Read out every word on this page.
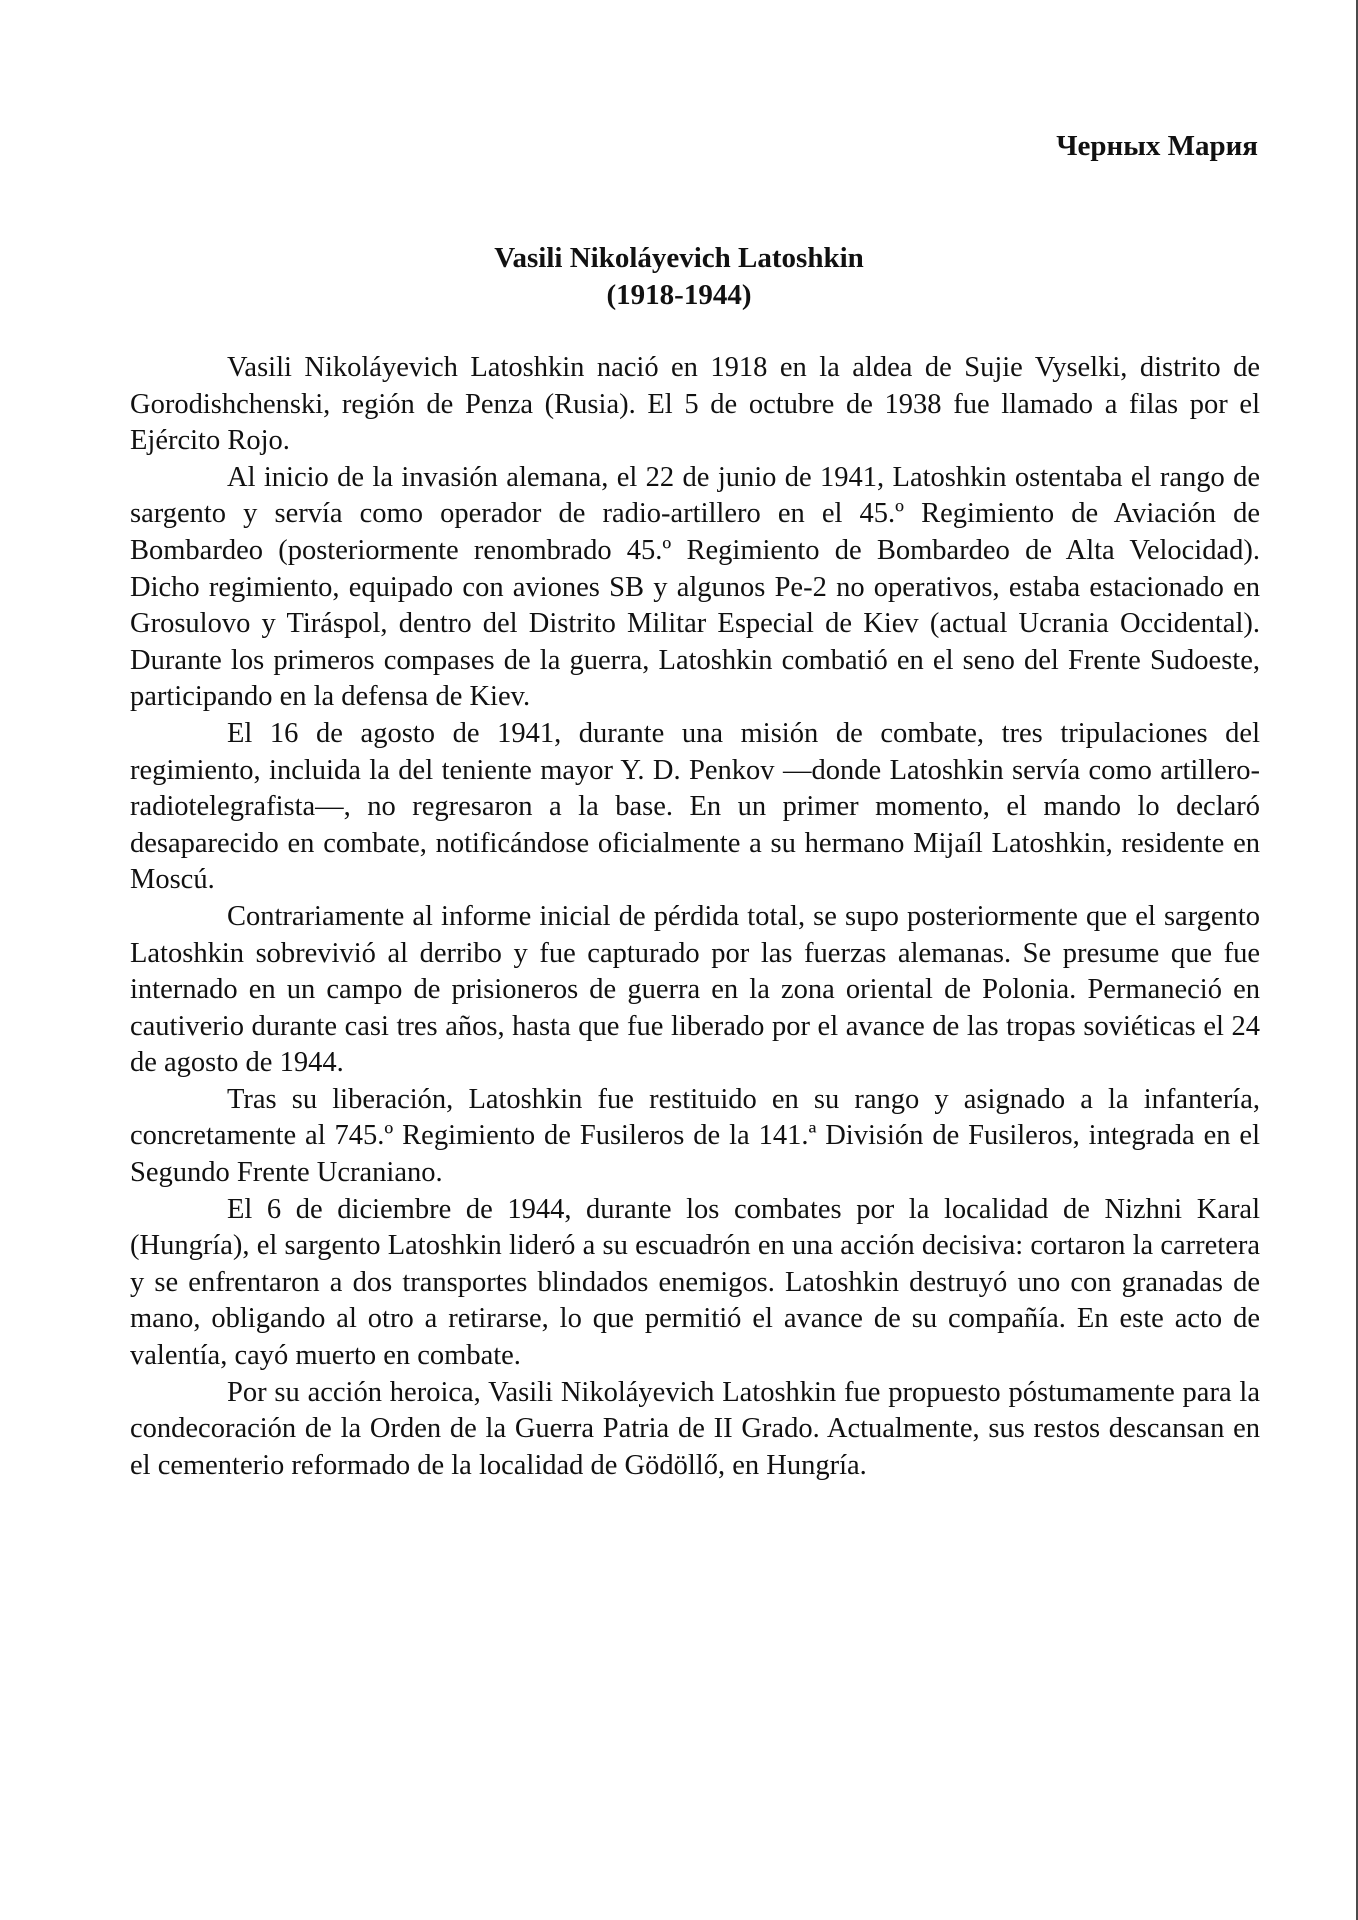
Черных Мария
Vasili Nikoláyevich Latoshkin
(1918-1944)

Vasili Nikoláyevich Latoshkin nació en 1918 en la aldea de Sujie Vyselki, distrito de Gorodishchenski, región de Penza (Rusia). El 5 de octubre de 1938 fue llamado a filas por el Ejército Rojo.

Al inicio de la invasión alemana, el 22 de junio de 1941, Latoshkin ostentaba el rango de sargento y servía como operador de radio-artillero en el 45.º Regimiento de Aviación de Bombardeo (posteriormente renombrado 45.º Regimiento de Bombardeo de Alta Velocidad). Dicho regimiento, equipado con aviones SB y algunos Pe-2 no operativos, estaba estacionado en Grosulovo y Tiráspol, dentro del Distrito Militar Especial de Kiev (actual Ucrania Occidental). Durante los primeros compases de la guerra, Latoshkin combatió en el seno del Frente Sudoeste, participando en la defensa de Kiev.

El 16 de agosto de 1941, durante una misión de combate, tres tripulaciones del regimiento, incluida la del teniente mayor Y. D. Penkov —donde Latoshkin servía como artillero-radiotelegrafista—, no regresaron a la base. En un primer momento, el mando lo declaró desaparecido en combate, notificándose oficialmente a su hermano Mijaíl Latoshkin, residente en Moscú.

Contrariamente al informe inicial de pérdida total, se supo posteriormente que el sargento Latoshkin sobrevivió al derribo y fue capturado por las fuerzas alemanas. Se presume que fue internado en un campo de prisioneros de guerra en la zona oriental de Polonia. Permaneció en cautiverio durante casi tres años, hasta que fue liberado por el avance de las tropas soviéticas el 24 de agosto de 1944.

Tras su liberación, Latoshkin fue restituido en su rango y asignado a la infantería, concretamente al 745.º Regimiento de Fusileros de la 141.ª División de Fusileros, integrada en el Segundo Frente Ucraniano.

El 6 de diciembre de 1944, durante los combates por la localidad de Nizhni Karal (Hungría), el sargento Latoshkin lideró a su escuadrón en una acción decisiva: cortaron la carretera y se enfrentaron a dos transportes blindados enemigos. Latoshkin destruyó uno con granadas de mano, obligando al otro a retirarse, lo que permitió el avance de su compañía. En este acto de valentía, cayó muerto en combate.

Por su acción heroica, Vasili Nikoláyevich Latoshkin fue propuesto póstumamente para la condecoración de la Orden de la Guerra Patria de II Grado. Actualmente, sus restos descansan en el cementerio reformado de la localidad de Gödöllő, en Hungría.
